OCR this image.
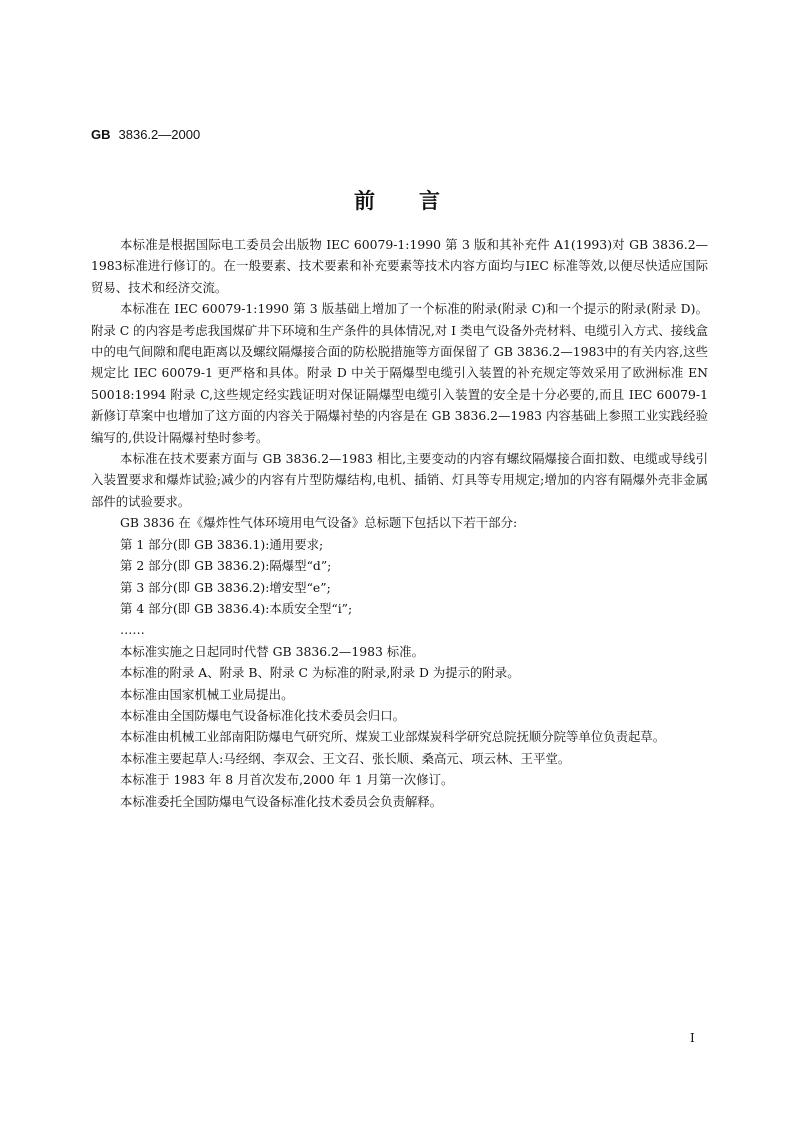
GB 3836.2—2000
前言

本标准是根据国际电工委员会出版物 IEC 60079-1:1990 第 3 版和其补充件 A1(1993)对 GB 3836.2—1983标准进行修订的。在一般要素、技术要素和补充要素等技术内容方面均与IEC 标准等效,以便尽快适应国际贸易、技术和经济交流。

本标准在 IEC 60079-1:1990 第 3 版基础上增加了一个标准的附录(附录 C)和一个提示的附录(附录 D)。附录 C 的内容是考虑我国煤矿井下环境和生产条件的具体情况,对 Ⅰ 类电气设备外壳材料、电缆引入方式、接线盒中的电气间隙和爬电距离以及螺纹隔爆接合面的防松脱措施等方面保留了 GB 3836.2—1983中的有关内容,这些规定比 IEC 60079-1 更严格和具体。附录 D 中关于隔爆型电缆引入装置的补充规定等效采用了欧洲标准 EN 50018:1994 附录 C,这些规定经实践证明对保证隔爆型电缆引入装置的安全是十分必要的,而且 IEC 60079-1 新修订草案中也增加了这方面的内容关于隔爆衬垫的内容是在 GB 3836.2—1983 内容基础上参照工业实践经验编写的,供设计隔爆衬垫时参考。

本标准在技术要素方面与 GB 3836.2—1983 相比,主要变动的内容有螺纹隔爆接合面扣数、电缆或导线引入装置要求和爆炸试验;减少的内容有片型防爆结构,电机、插销、灯具等专用规定;增加的内容有隔爆外壳非金属部件的试验要求。

GB 3836 在《爆炸性气体环境用电气设备》总标题下包括以下若干部分:

第 1 部分(即 GB 3836.1):通用要求;

第 2 部分(即 GB 3836.2):隔爆型“d”;

第 3 部分(即 GB 3836.2):增安型“e”;

第 4 部分(即 GB 3836.4):本质安全型“i”;

……

本标准实施之日起同时代替 GB 3836.2—1983 标准。

本标准的附录 A、附录 B、附录 C 为标准的附录,附录 D 为提示的附录。

本标准由国家机械工业局提出。

本标准由全国防爆电气设备标准化技术委员会归口。

本标准由机械工业部南阳防爆电气研究所、煤炭工业部煤炭科学研究总院抚顺分院等单位负责起草。

本标准主要起草人:马经纲、李双会、王文召、张长顺、桑高元、项云林、王平堂。

本标准于 1983 年 8 月首次发布,2000 年 1 月第一次修订。

本标准委托全国防爆电气设备标准化技术委员会负责解释。

I
